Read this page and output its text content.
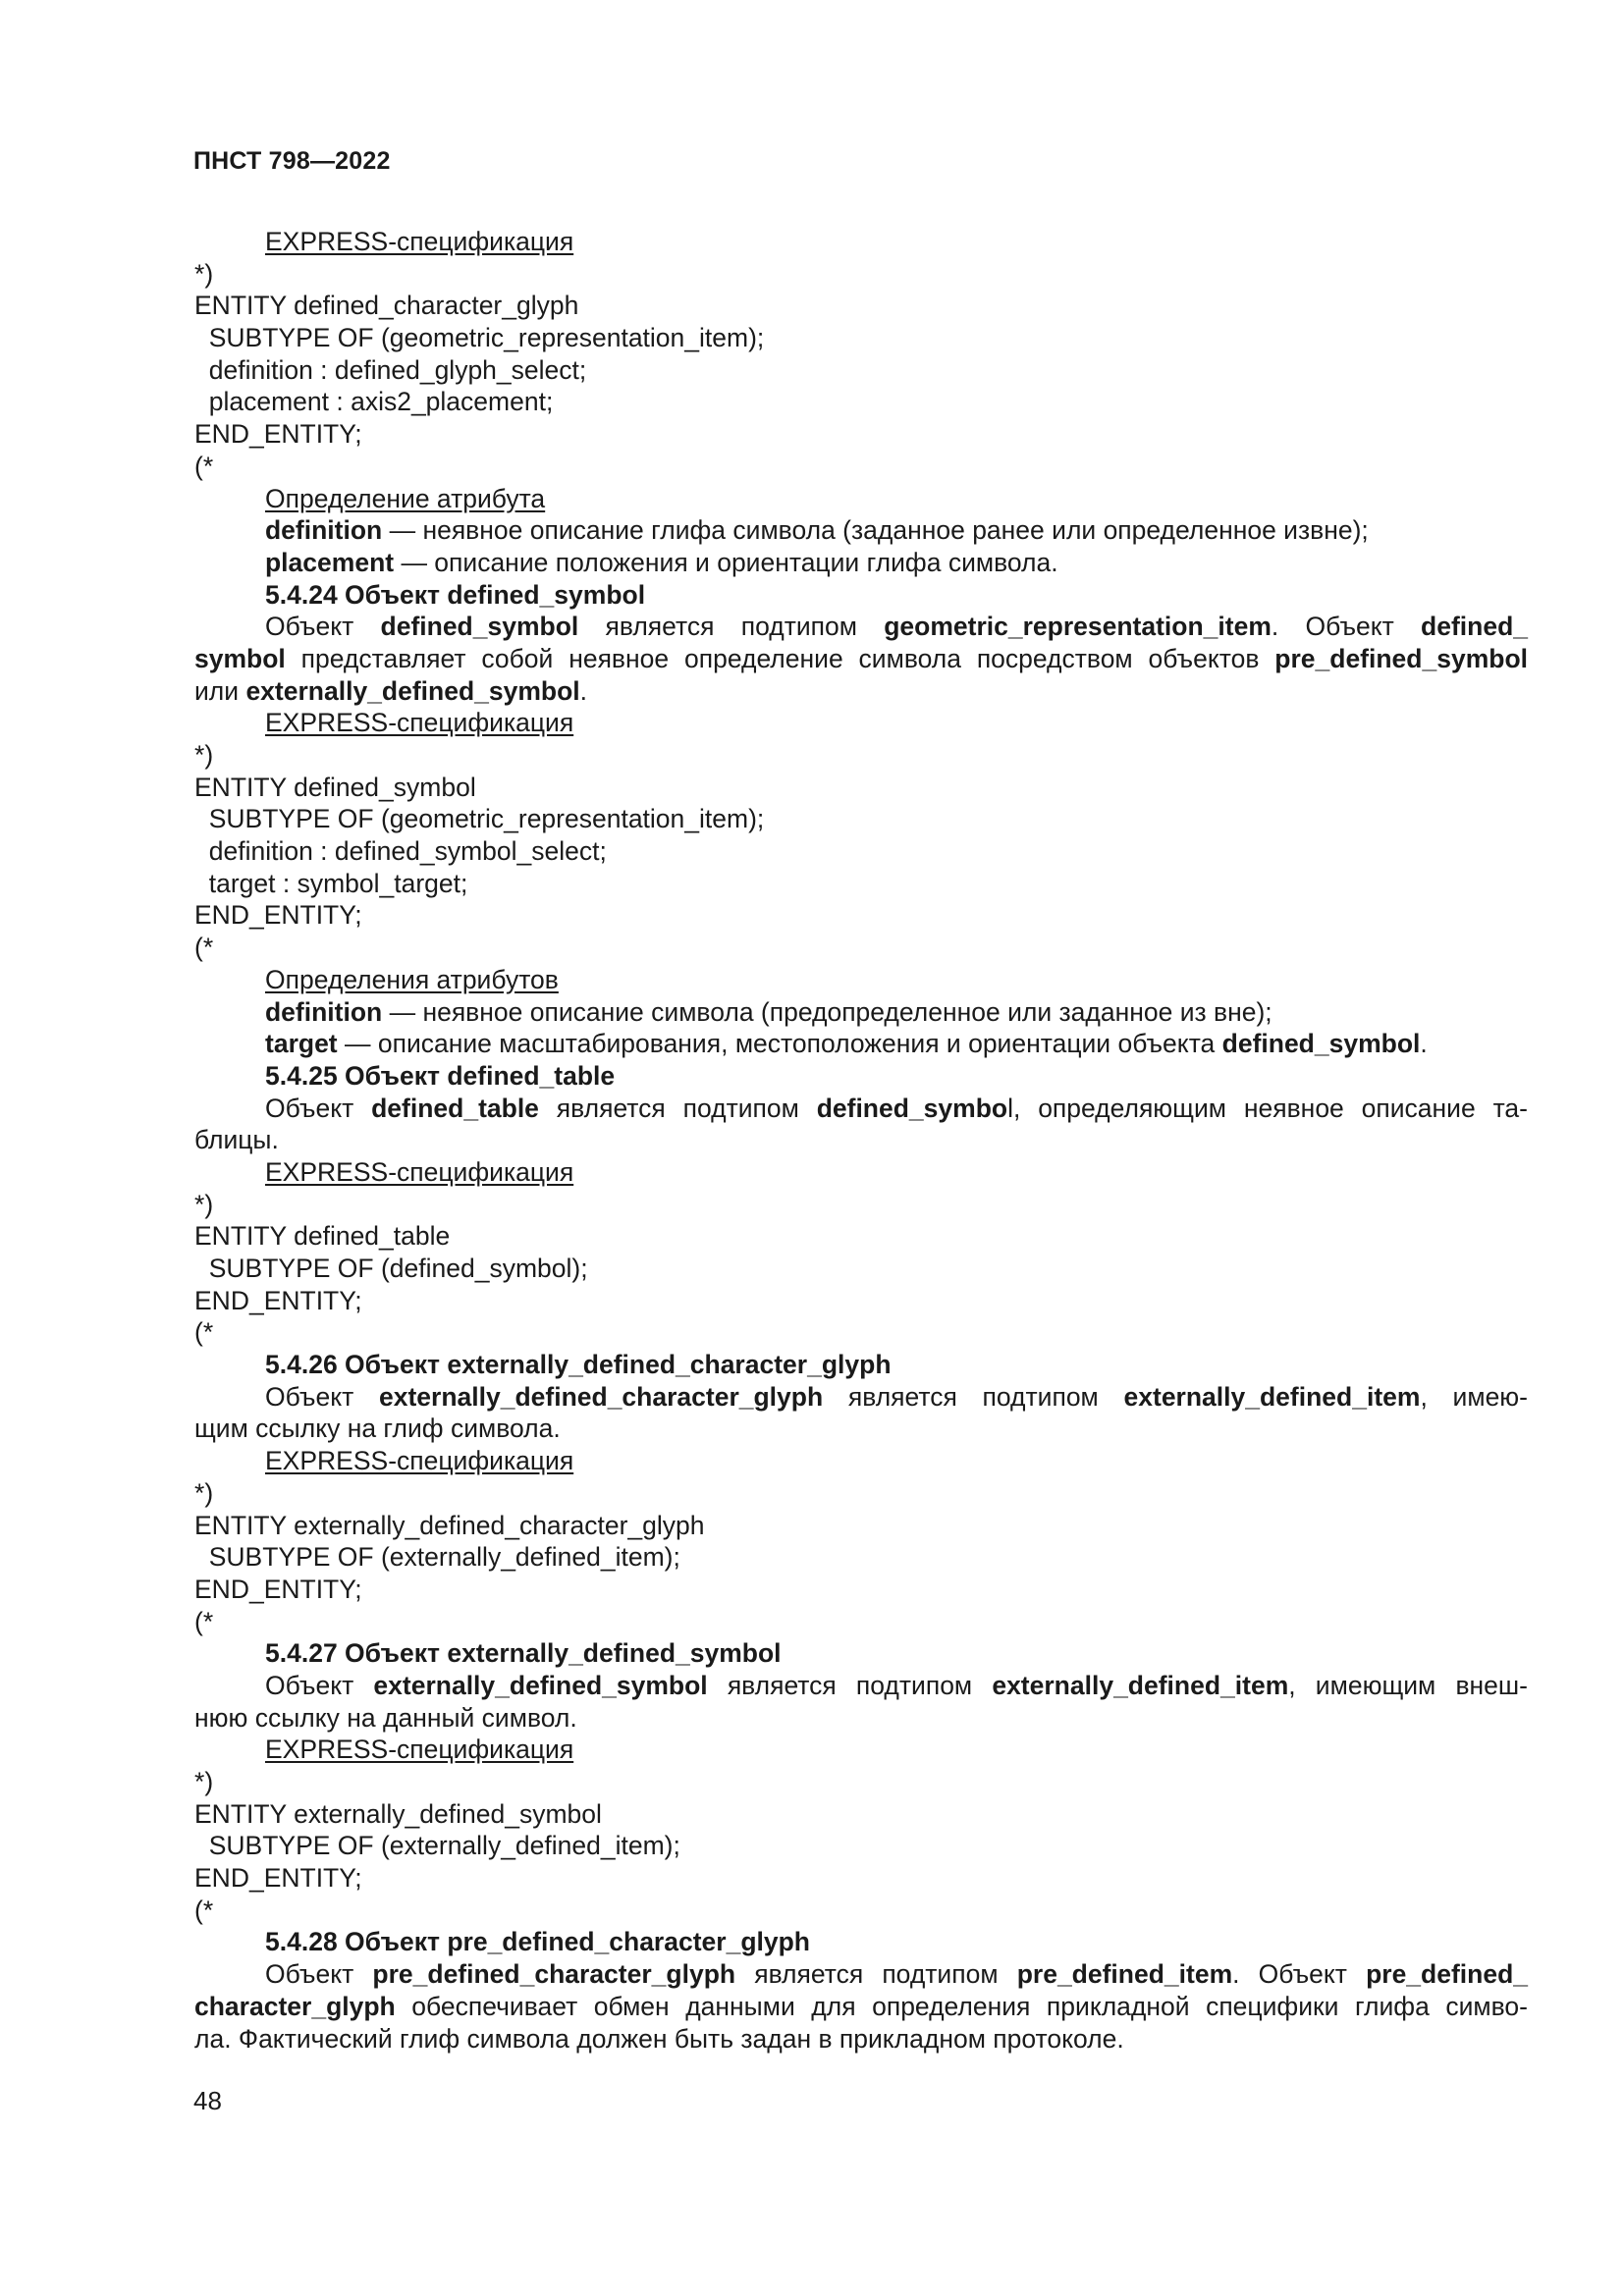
ПНСТ 798—2022
EXPRESS-спецификация
*)
ENTITY defined_character_glyph
SUBTYPE OF (geometric_representation_item);
definition : defined_glyph_select;
placement : axis2_placement;
END_ENTITY;
(*
Определение атрибута
definition — неявное описание глифа символа (заданное ранее или определенное извне);
placement — описание положения и ориентации глифа символа.
5.4.24 Объект defined_symbol
Объект defined_symbol является подтипом geometric_representation_item. Объект defined_
symbol представляет собой неявное определение символа посредством объектов pre_defined_symbol
или externally_defined_symbol.
EXPRESS-спецификация
*)
ENTITY defined_symbol
SUBTYPE OF (geometric_representation_item);
definition : defined_symbol_select;
target : symbol_target;
END_ENTITY;
(*
Определения атрибутов
definition — неявное описание символа (предопределенное или заданное из вне);
target — описание масштабирования, местоположения и ориентации объекта defined_symbol.
5.4.25 Объект defined_table
Объект defined_table является подтипом defined_symbol, определяющим неявное описание та-
блицы.
EXPRESS-спецификация
*)
ENTITY defined_table
SUBTYPE OF (defined_symbol);
END_ENTITY;
(*
5.4.26 Объект externally_defined_character_glyph
Объект externally_defined_character_glyph является подтипом externally_defined_item, имею-
щим ссылку на глиф символа.
EXPRESS-спецификация
*)
ENTITY externally_defined_character_glyph
SUBTYPE OF (externally_defined_item);
END_ENTITY;
(*
5.4.27 Объект externally_defined_symbol
Объект externally_defined_symbol является подтипом externally_defined_item, имеющим внеш-
нюю ссылку на данный символ.
EXPRESS-спецификация
*)
ENTITY externally_defined_symbol
SUBTYPE OF (externally_defined_item);
END_ENTITY;
(*
5.4.28 Объект pre_defined_character_glyph
Объект pre_defined_character_glyph является подтипом pre_defined_item. Объект pre_defined_
character_glyph обеспечивает обмен данными для определения прикладной специфики глифа симво-
ла. Фактический глиф символа должен быть задан в прикладном протоколе.
48
